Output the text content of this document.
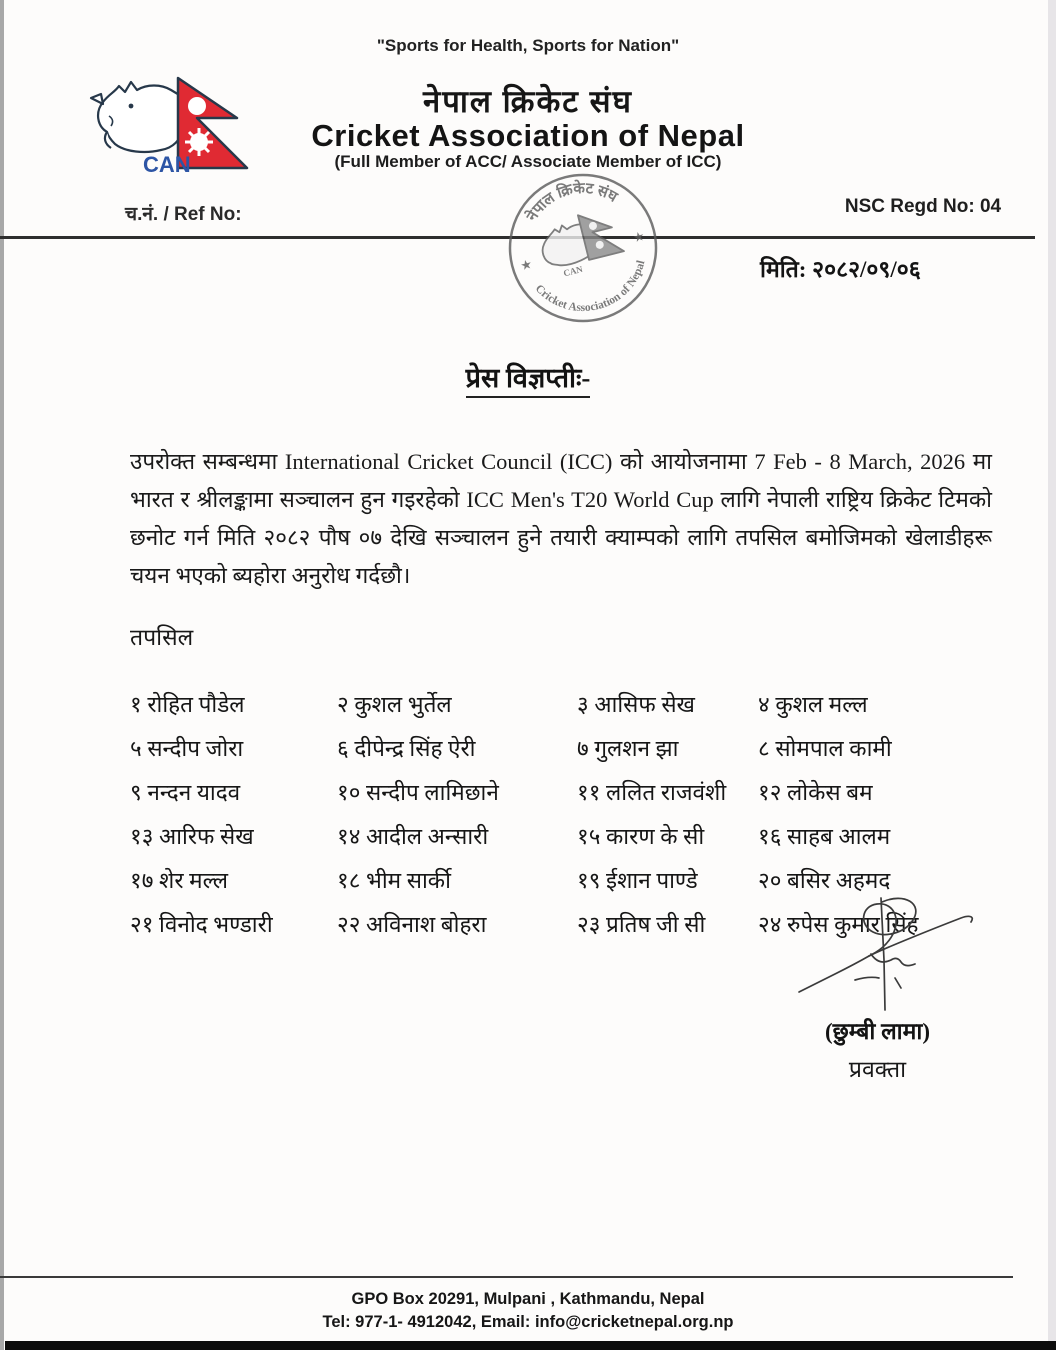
"Sports for Health, Sports for Nation"
CAN
नेपाल क्रिकेट संघ
Cricket Association of Nepal
(Full Member of ACC/ Associate Member of ICC)
च.नं. / Ref No:	NSC Regd No: 04
नेपाल क्रिकेट संघ
Cricket Association of Nepal
★
★
CAN	मिति: २०८२/०९/०६
प्रेस विज्ञप्तीः-

उपरोक्त सम्बन्धमा International Cricket Council (ICC) को आयोजनामा 7 Feb - 8 March, 2026 मा भारत र श्रीलङ्कामा सञ्चालन हुन गइरहेको ICC Men's T20 World Cup लागि नेपाली राष्ट्रिय क्रिकेट टिमको छनोट गर्न मिति २०८२ पौष ०७ देखि सञ्चालन हुने तयारी क्याम्पको लागि तपसिल बमोजिमको खेलाडीहरू चयन भएको ब्यहोरा अनुरोध गर्दछौ।

तपसिल
१ रोहित पौडेल	२ कुशल भुर्तेल	३ आसिफ सेख	४ कुशल मल्ल
५ सन्दीप जोरा	६ दीपेन्द्र सिंह ऐरी	७ गुलशन झा	८ सोमपाल कामी
९ नन्दन यादव	१० सन्दीप लामिछाने	११ ललित राजवंशी	१२ लोकेस बम
१३ आरिफ सेख	१४ आदील अन्सारी	१५ कारण के सी	१६ साहब आलम
१७ शेर मल्ल	१८ भीम सार्की	१९ ईशान पाण्डे	२० बसिर अहमद
२१ विनोद भण्डारी	२२ अविनाश बोहरा	२३ प्रतिष जी सी	२४ रुपेस कुमार सिंह
(छुम्बी लामा)
प्रवक्ता
GPO Box 20291, Mulpani , Kathmandu, Nepal
Tel: 977-1- 4912042, Email: info@cricketnepal.org.np
